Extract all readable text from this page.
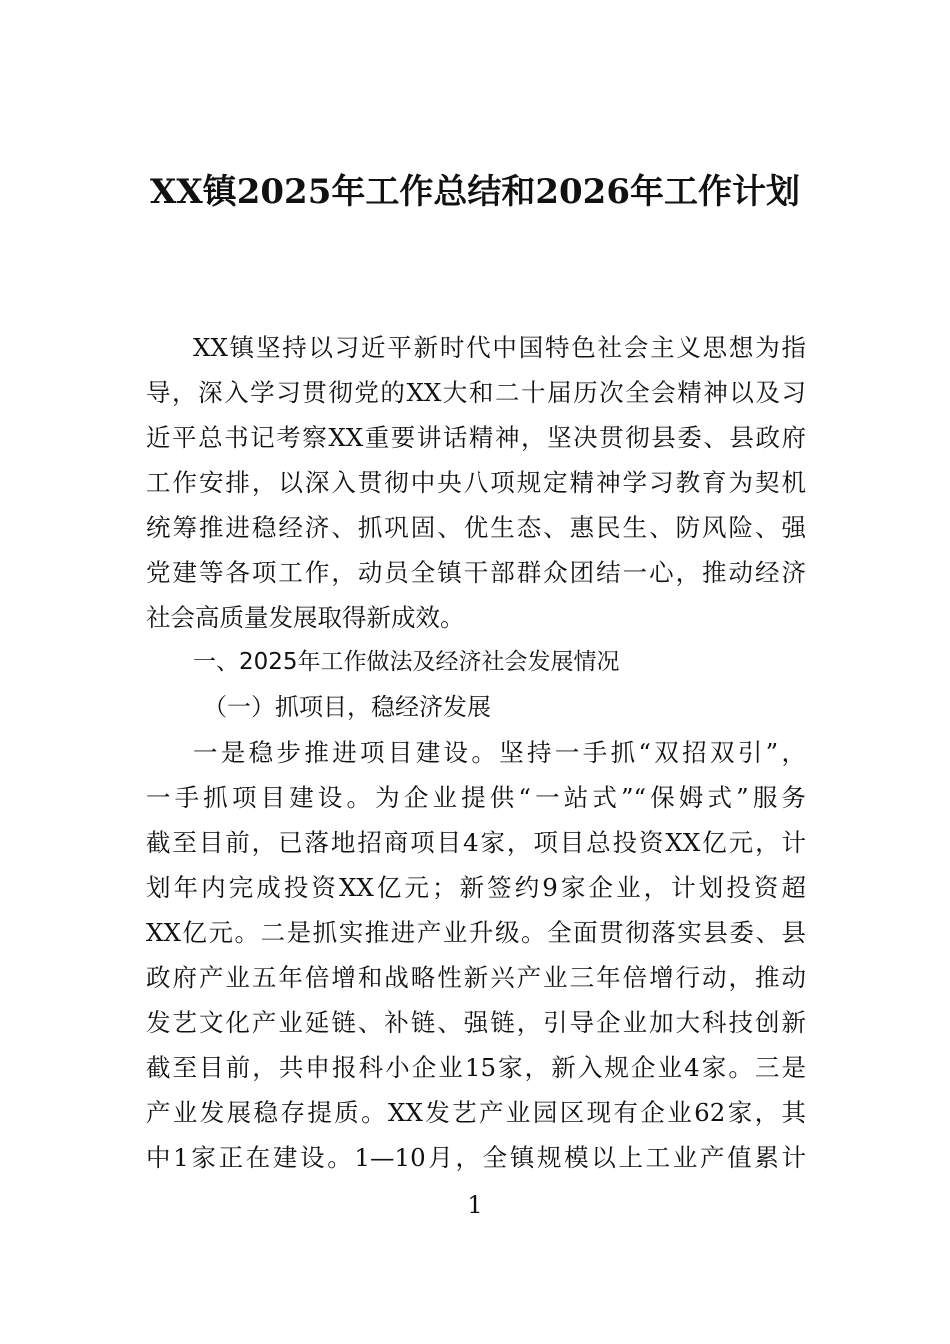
XX镇2025年工作总结和2026年工作计划
XX镇坚持以习近平新时代中国特色社会主义思想为指
导，深入学习贯彻党的XX大和二十届历次全会精神以及习
近平总书记考察XX重要讲话精神，坚决贯彻县委、县政府
工作安排，以深入贯彻中央八项规定精神学习教育为契机
统筹推进稳经济、抓巩固、优生态、惠民生、防风险、强
党建等各项工作，动员全镇干部群众团结一心，推动经济
社会高质量发展取得新成效。
一、2025年工作做法及经济社会发展情况
（一）抓项目，稳经济发展
一是稳步推进项目建设。坚持一手抓“双招双引”，
一手抓项目建设。为企业提供“一站式”“保姆式”服务
截至目前，已落地招商项目4家，项目总投资XX亿元，计
划年内完成投资XX亿元；新签约9家企业，计划投资超
XX亿元。二是抓实推进产业升级。全面贯彻落实县委、县
政府产业五年倍增和战略性新兴产业三年倍增行动，推动
发艺文化产业延链、补链、强链，引导企业加大科技创新
截至目前，共申报科小企业15家，新入规企业4家。三是
产业发展稳存提质。XX发艺产业园区现有企业62家，其
中1家正在建设。1—10月，全镇规模以上工业产值累计
1
